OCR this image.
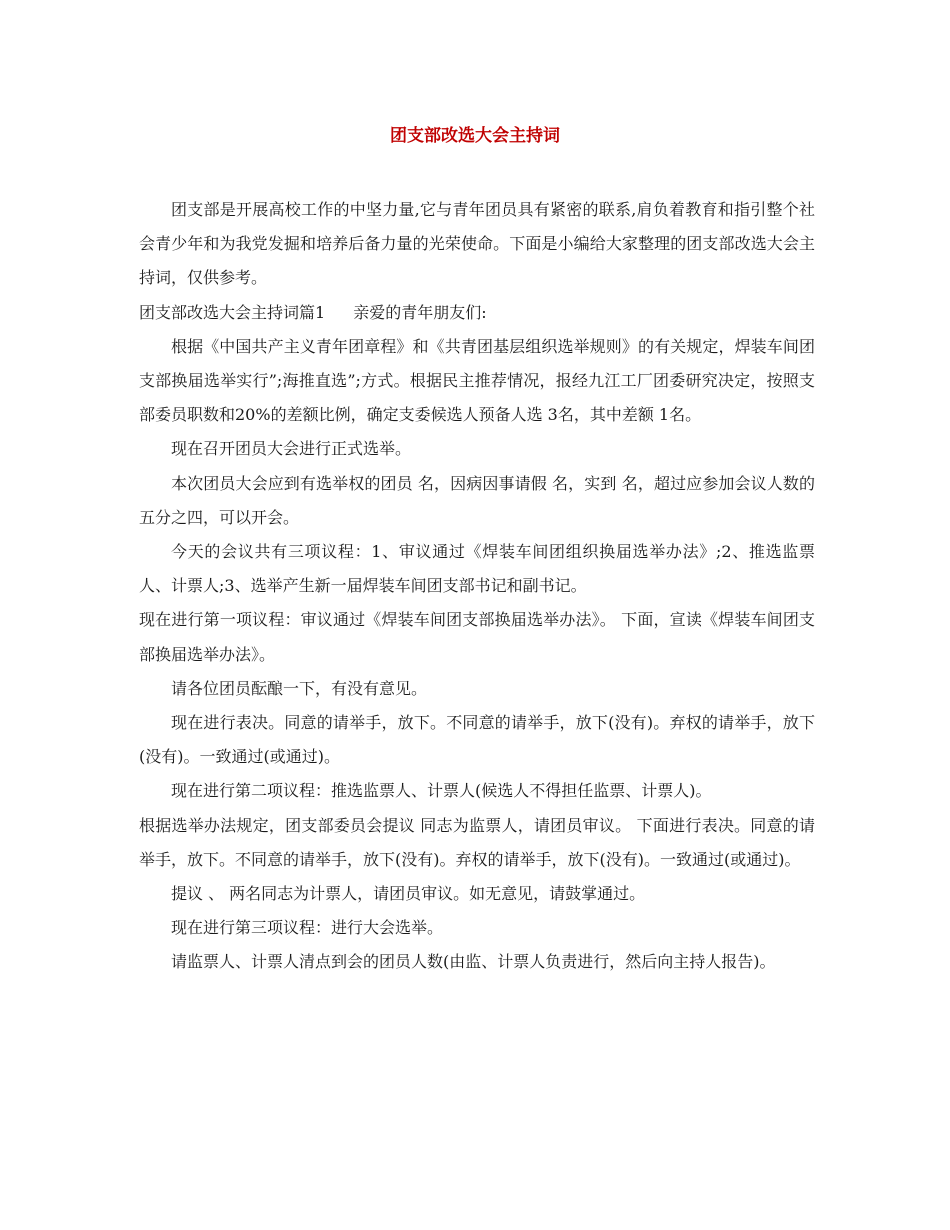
团支部改选大会主持词

团支部是开展高校工作的中坚力量,它与青年团员具有紧密的联系,肩负着教育和指引整个社会青少年和为我党发掘和培养后备力量的光荣使命。下面是小编给大家整理的团支部改选大会主持词，仅供参考。

团支部改选大会主持词篇1 亲爱的青年朋友们:

根据《中国共产主义青年团章程》和《共青团基层组织选举规则》的有关规定，焊装车间团支部换届选举实行”;海推直选”;方式。根据民主推荐情况，报经九江工厂团委研究决定，按照支部委员职数和20%的差额比例，确定支委候选人预备人选 3名，其中差额 1名。

现在召开团员大会进行正式选举。

本次团员大会应到有选举权的团员 名，因病因事请假 名，实到 名，超过应参加会议人数的五分之四，可以开会。

今天的会议共有三项议程：1、审议通过《焊装车间团组织换届选举办法》;2、推选监票人、计票人;3、选举产生新一届焊装车间团支部书记和副书记。

现在进行第一项议程：审议通过《焊装车间团支部换届选举办法》。 下面，宣读《焊装车间团支部换届选举办法》。

请各位团员酝酿一下，有没有意见。

现在进行表决。同意的请举手，放下。不同意的请举手，放下(没有)。弃权的请举手，放下(没有)。一致通过(或通过)。

现在进行第二项议程：推选监票人、计票人(候选人不得担任监票、计票人)。

根据选举办法规定，团支部委员会提议 同志为监票人，请团员审议。 下面进行表决。同意的请举手，放下。不同意的请举手，放下(没有)。弃权的请举手，放下(没有)。一致通过(或通过)。

提议 、 两名同志为计票人，请团员审议。如无意见，请鼓掌通过。

现在进行第三项议程：进行大会选举。

请监票人、计票人清点到会的团员人数(由监、计票人负责进行，然后向主持人报告)。
